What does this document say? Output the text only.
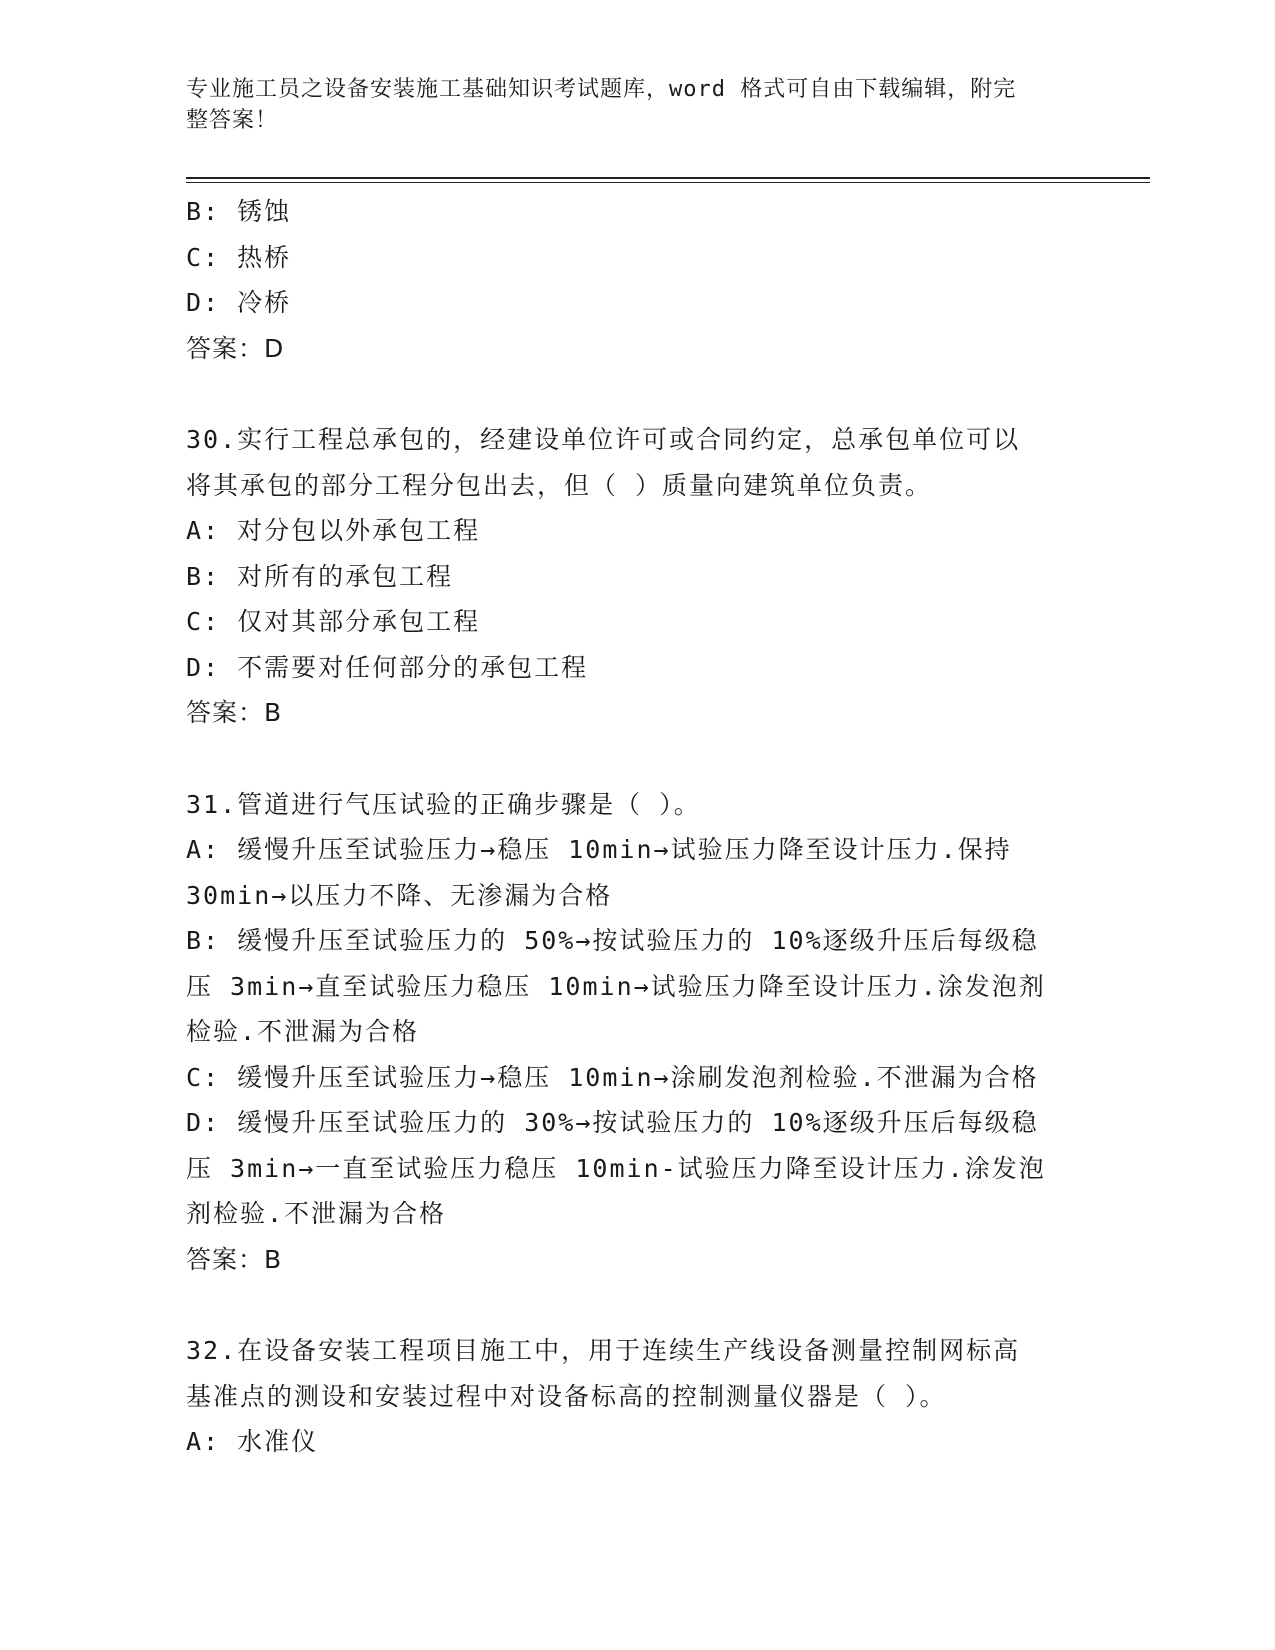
专业施工员之设备安装施工基础知识考试题库，word 格式可自由下载编辑，附完
整答案！

B: 锈蚀

C: 热桥

D: 冷桥

答案：D

30.实行工程总承包的，经建设单位许可或合同约定，总承包单位可以

将其承包的部分工程分包出去，但（ ）质量向建筑单位负责。

A: 对分包以外承包工程

B: 对所有的承包工程

C: 仅对其部分承包工程

D: 不需要对任何部分的承包工程

答案：B

31.管道进行气压试验的正确步骤是（ ）。

A: 缓慢升压至试验压力→稳压 10min→试验压力降至设计压力.保持

30min→以压力不降、无渗漏为合格

B: 缓慢升压至试验压力的 50%→按试验压力的 10%逐级升压后每级稳

压 3min→直至试验压力稳压 10min→试验压力降至设计压力.涂发泡剂

检验.不泄漏为合格

C: 缓慢升压至试验压力→稳压 10min→涂刷发泡剂检验.不泄漏为合格

D: 缓慢升压至试验压力的 30%→按试验压力的 10%逐级升压后每级稳

压 3min→一直至试验压力稳压 10min-试验压力降至设计压力.涂发泡

剂检验.不泄漏为合格

答案：B

32.在设备安装工程项目施工中，用于连续生产线设备测量控制网标高

基准点的测设和安装过程中对设备标高的控制测量仪器是（ ）。

A: 水准仪
